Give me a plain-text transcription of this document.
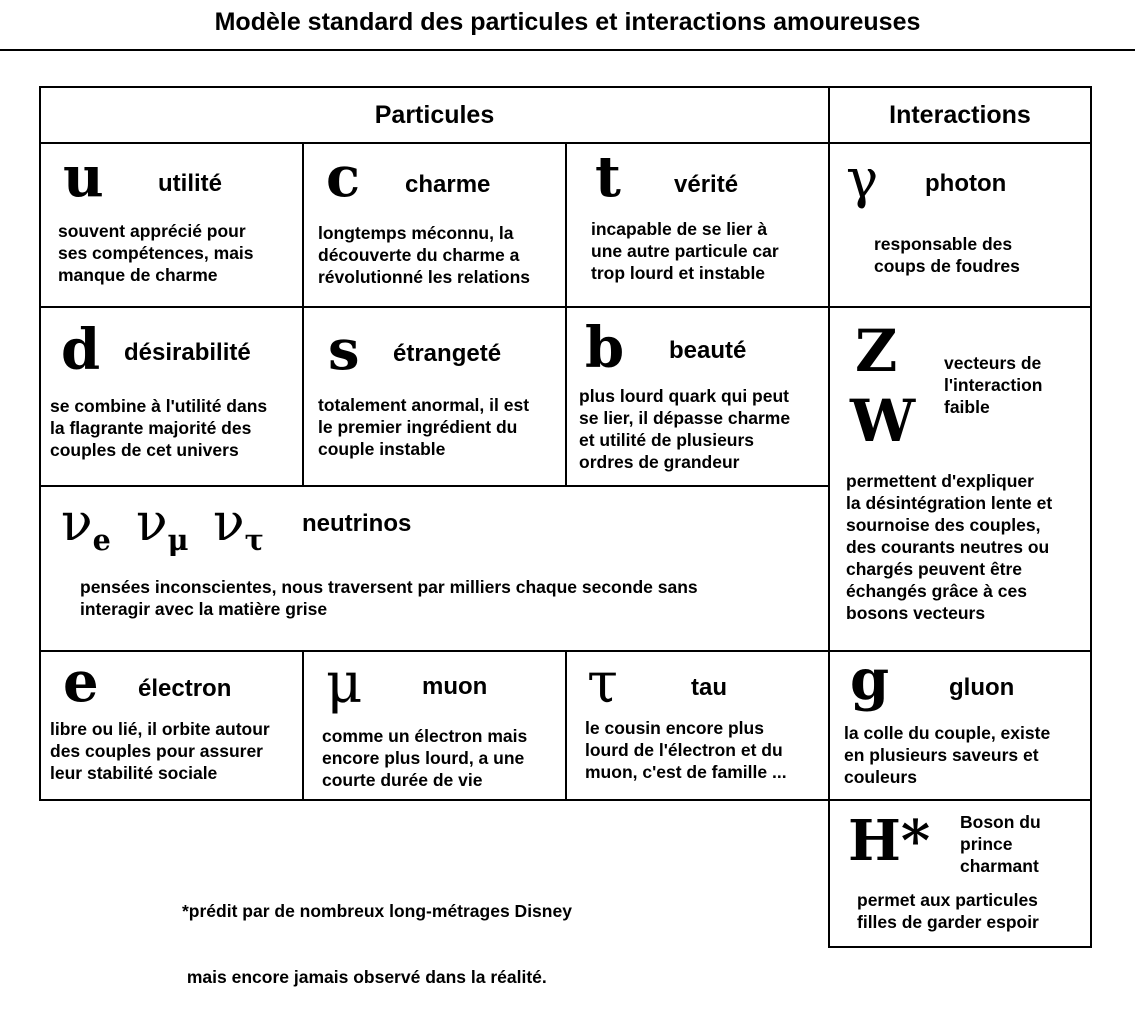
Modèle standard des particules et interactions amoureuses
Particules	Interactions
u utilité
souvent apprécié pour
ses compétences, mais
manque de charme
c charme
longtemps méconnu, la
découverte du charme a
révolutionné les relations
t vérité
incapable de se lier à
une autre particule car
trop lourd et instable
γ photon
responsable des
coups de foudres
d désirabilité
se combine à l'utilité dans
la flagrante majorité des
couples de cet univers
s étrangeté
totalement anormal, il est
le premier ingrédient du
couple instable
b beauté
plus lourd quark qui peut
se lier, il dépasse charme
et utilité de plusieurs
ordres de grandeur
Z
W
vecteurs de
l'interaction
faible
permettent d'expliquer
la désintégration lente et
sournoise des couples,
des courants neutres ou
chargés peuvent être
échangés grâce à ces
bosons vecteurs
$\nu_e$ $\nu_\mu$ $\nu_\tau$ neutrinos
pensées inconscientes, nous traversent par milliers chaque seconde sans
interagir avec la matière grise
e électron
libre ou lié, il orbite autour
des couples pour assurer
leur stabilité sociale
μ muon
comme un électron mais
encore plus lourd, a une
courte durée de vie
τ	tau
le cousin encore plus
lourd de l'électron et du
muon, c'est de famille ...
g gluon
la colle du couple, existe
en plusieurs saveurs et
couleurs
H* Boson du
prince
charmant
permet aux particules
filles de garder espoir

*prédit par de nombreux long-métrages Disney

mais encore jamais observé dans la réalité.
